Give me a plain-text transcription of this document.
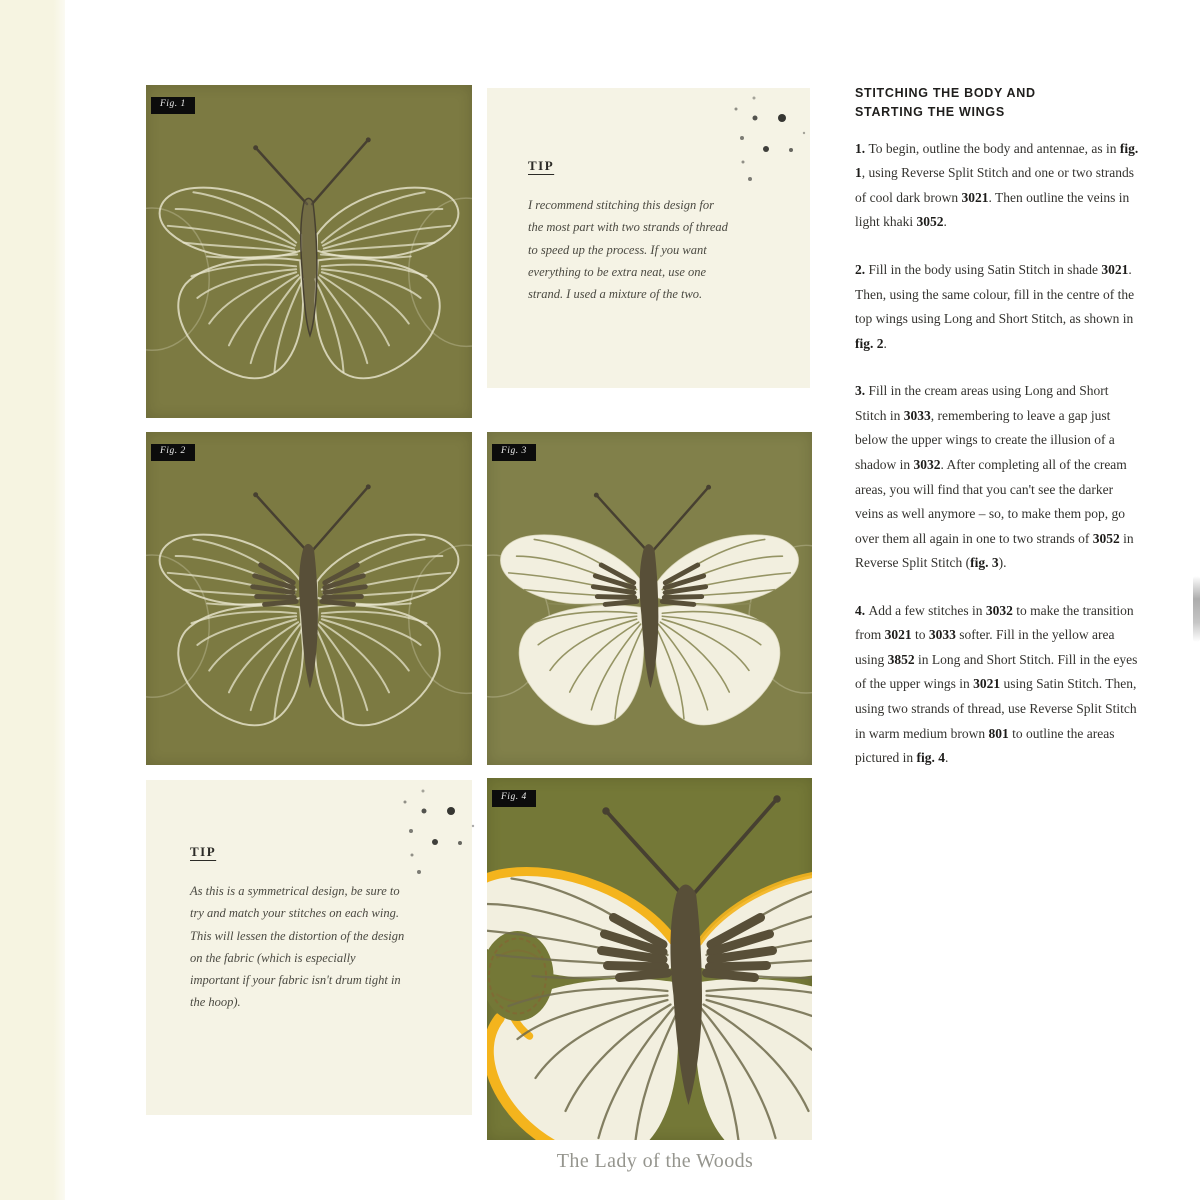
Fig. 1
TIP
I recommend stitching this design for the most part with two strands of thread to speed up the process. If you want everything to be extra neat, use one strand. I used a mixture of the two.
STITCHING THE BODY AND
STARTING THE WINGS

1. To begin, outline the body and antennae, as in fig. 1, using Reverse Split Stitch and one or two strands of cool dark brown 3021. Then outline the veins in light khaki 3052.

2. Fill in the body using Satin Stitch in shade 3021. Then, using the same colour, fill in the centre of the top wings using Long and Short Stitch, as shown in fig. 2.

3. Fill in the cream areas using Long and Short Stitch in 3033, remembering to leave a gap just below the upper wings to create the illusion of a shadow in 3032. After completing all of the cream areas, you will find that you can't see the darker veins as well anymore – so, to make them pop, go over them all again in one to two strands of 3052 in Reverse Split Stitch (fig. 3).

4. Add a few stitches in 3032 to make the transition from 3021 to 3033 softer. Fill in the yellow area using 3852 in Long and Short Stitch. Fill in the eyes of the upper wings in 3021 using Satin Stitch. Then, using two strands of thread, use Reverse Split Stitch in warm medium brown 801 to outline the areas pictured in fig. 4.

Fig. 2	Fig. 3
TIP
As this is a symmetrical design, be sure to try and match your stitches on each wing. This will lessen the distortion of the design on the fabric (which is especially important if your fabric isn't drum tight in the hoop).
Fig. 4
The Lady of the Woods
